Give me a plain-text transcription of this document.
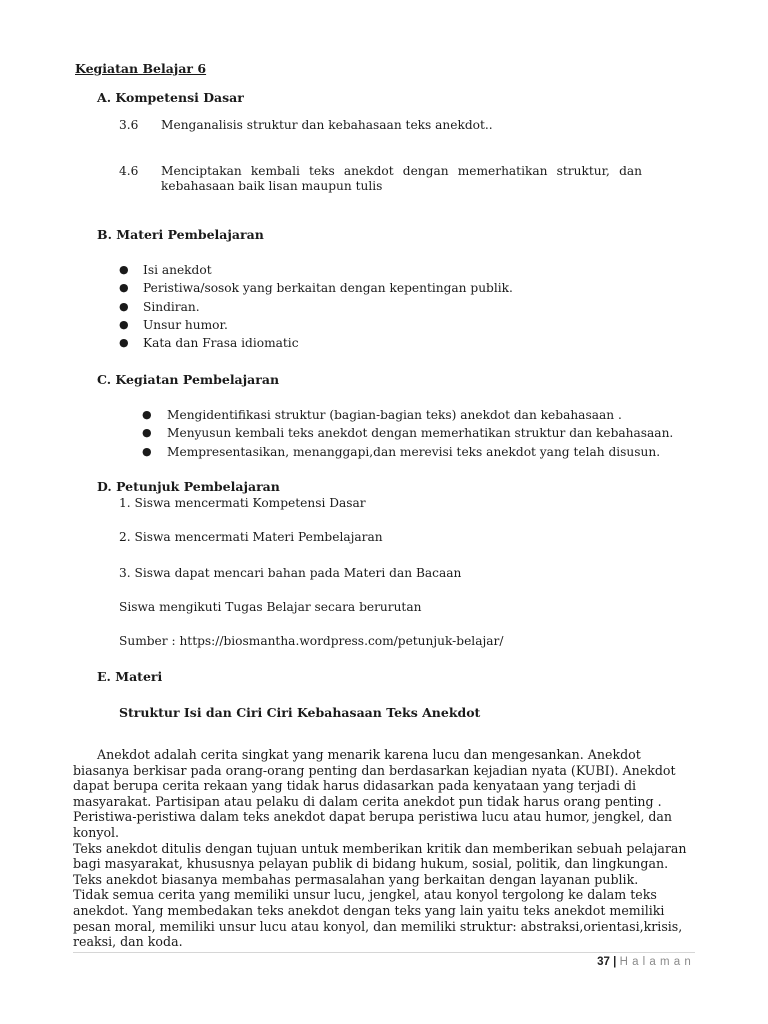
Kegiatan Belajar 6
A. Kompetensi Dasar
3.6 Menganalisis struktur dan kebahasaan teks anekdot..
4.6 Menciptakan kembali teks anekdot dengan memerhatikan struktur, dan
kebahasaan baik lisan maupun tulis
B. Materi Pembelajaran
● Isi anekdot
● Peristiwa/sosok yang berkaitan dengan kepentingan publik.
● Sindiran.
● Unsur humor.
● Kata dan Frasa idiomatic
C. Kegiatan Pembelajaran
● Mengidentifikasi struktur (bagian-bagian teks) anekdot dan kebahasaan .
● Menyusun kembali teks anekdot dengan memerhatikan struktur dan kebahasaan.
● Mempresentasikan, menanggapi,dan merevisi teks anekdot yang telah disusun.
D. Petunjuk Pembelajaran
1. Siswa mencermati Kompetensi Dasar
2. Siswa mencermati Materi Pembelajaran
3. Siswa dapat mencari bahan pada Materi dan Bacaan
Siswa mengikuti Tugas Belajar secara berurutan
Sumber : https://biosmantha.wordpress.com/petunjuk-belajar/
E. Materi
Struktur Isi dan Ciri Ciri Kebahasaan Teks Anekdot

Anekdot adalah cerita singkat yang menarik karena lucu dan mengesankan. Anekdot biasanya berkisar pada orang-orang penting dan berdasarkan kejadian nyata (KUBI). Anekdot dapat berupa cerita rekaan yang tidak harus didasarkan pada kenyataan yang terjadi di masyarakat. Partisipan atau pelaku di dalam cerita anekdot pun tidak harus orang penting .

Peristiwa-peristiwa dalam teks anekdot dapat berupa peristiwa lucu atau humor, jengkel, dan konyol.

Teks anekdot ditulis dengan tujuan untuk memberikan kritik dan memberikan sebuah pelajaran bagi masyarakat, khususnya pelayan publik di bidang hukum, sosial, politik, dan lingkungan. Teks anekdot biasanya membahas permasalahan yang berkaitan dengan layanan publik.

Tidak semua cerita yang memiliki unsur lucu, jengkel, atau konyol tergolong ke dalam teks anekdot. Yang membedakan teks anekdot dengan teks yang lain yaitu teks anekdot memiliki pesan moral, memiliki unsur lucu atau konyol, dan memiliki struktur: abstraksi,orientasi,krisis, reaksi, dan koda.

37 | Halaman
